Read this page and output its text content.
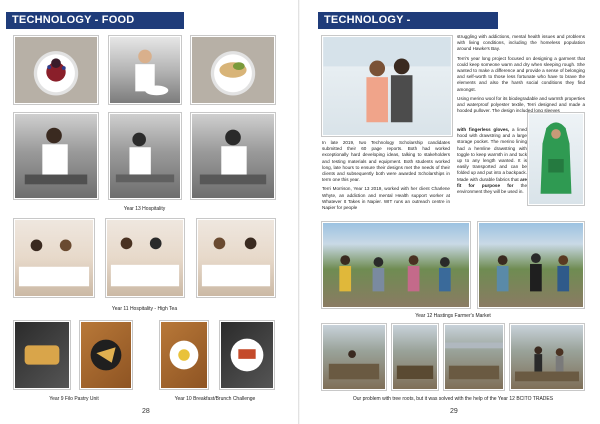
TECHNOLOGY - FOOD
Year 13 Hospitality
Year 11 Hospitality - High Tea
Year 9 Filo Pastry Unit	Year 10 Breakfast/Brunch Challenge
28
TECHNOLOGY -

In late 2019, two Technology Scholarship candidates submitted their 60 page reports. Both had worked exceptionally hard developing ideas, talking to stakeholders and testing materials and equipment. Both students worked long, late hours to ensure their designs met the needs of their clients and subsequently both were awarded Scholarships in term one this year.

Terri Morrison, Year 13 2019, worked with her client Charlene Whyte, an addiction and mental Health support worker at Whatever It Takes in Napier. WIT runs an outreach centre in Napier for people

struggling with addictions, mental health issues and problems with living conditions, including the homeless population around Hawke's Bay.

Terri's year long project focused on designing a garment that could keep someone warm and dry when sleeping rough. She wanted to make a difference and provide a sense of belonging and self-worth to those less fortunate who have to brave the elements and also the harsh social conditions they find amongst.

Using merino wool for its biodegradable and warmth properties and waterproof polyester textile, Terri designed and made a hooded pullover. The design included long sleeves

with fingerless gloves, a lined hood with drawstring and a large storage pocket. The merino lining had a hemline drawstring with toggle to keep warmth in and tuck up to any length wanted. It is easily transported and can be folded up and put into a backpack. Made with durable fabrics that are fit for purpose for the environment they will be used in.

Year 12 Hastings Farmer's Market
Our problem with tree roots, but it was solved with the help of the Year 12 BCITO TRADES
29
